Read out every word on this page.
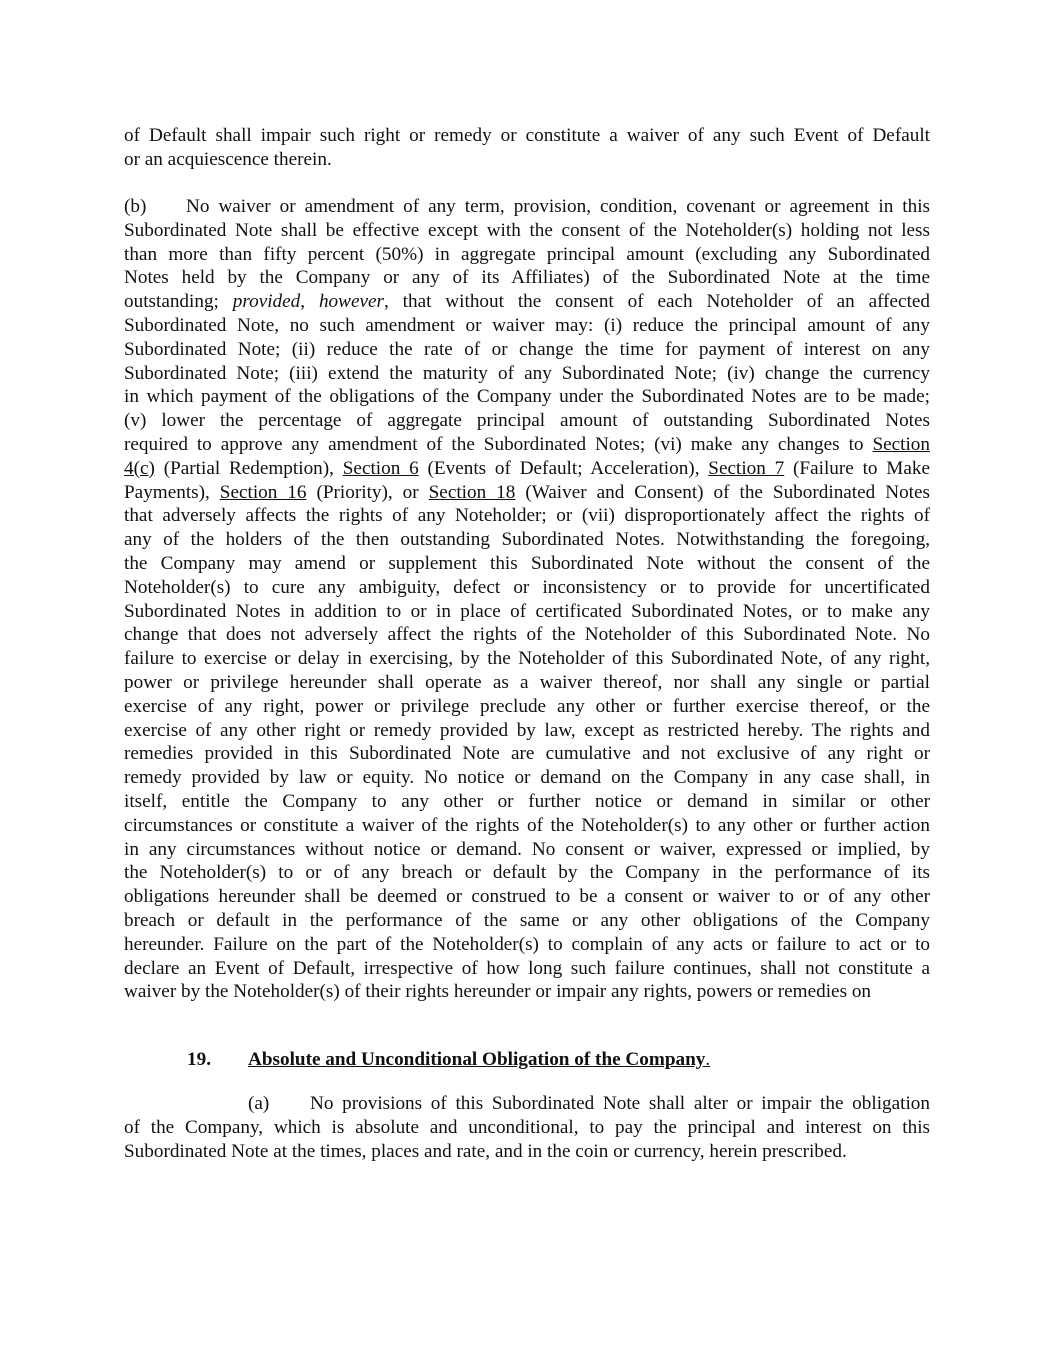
of Default shall impair such right or remedy or constitute a waiver of any such Event of Default
or an acquiescence therein.
(b) No waiver or amendment of any term, provision, condition, covenant or agreement in this
Subordinated Note shall be effective except with the consent of the Noteholder(s) holding not less
than more than fifty percent (50%) in aggregate principal amount (excluding any Subordinated
Notes held by the Company or any of its Affiliates) of the Subordinated Note at the time
outstanding; provided, however, that without the consent of each Noteholder of an affected
Subordinated Note, no such amendment or waiver may: (i) reduce the principal amount of any
Subordinated Note; (ii) reduce the rate of or change the time for payment of interest on any
Subordinated Note; (iii) extend the maturity of any Subordinated Note; (iv) change the currency
in which payment of the obligations of the Company under the Subordinated Notes are to be made;
(v) lower the percentage of aggregate principal amount of outstanding Subordinated Notes
required to approve any amendment of the Subordinated Notes; (vi) make any changes to Section
4(c) (Partial Redemption), Section 6 (Events of Default; Acceleration), Section 7 (Failure to Make
Payments), Section 16 (Priority), or Section 18 (Waiver and Consent) of the Subordinated Notes
that adversely affects the rights of any Noteholder; or (vii) disproportionately affect the rights of
any of the holders of the then outstanding Subordinated Notes. Notwithstanding the foregoing,
the Company may amend or supplement this Subordinated Note without the consent of the
Noteholder(s) to cure any ambiguity, defect or inconsistency or to provide for uncertificated
Subordinated Notes in addition to or in place of certificated Subordinated Notes, or to make any
change that does not adversely affect the rights of the Noteholder of this Subordinated Note. No
failure to exercise or delay in exercising, by the Noteholder of this Subordinated Note, of any right,
power or privilege hereunder shall operate as a waiver thereof, nor shall any single or partial
exercise of any right, power or privilege preclude any other or further exercise thereof, or the
exercise of any other right or remedy provided by law, except as restricted hereby. The rights and
remedies provided in this Subordinated Note are cumulative and not exclusive of any right or
remedy provided by law or equity. No notice or demand on the Company in any case shall, in
itself, entitle the Company to any other or further notice or demand in similar or other
circumstances or constitute a waiver of the rights of the Noteholder(s) to any other or further action
in any circumstances without notice or demand. No consent or waiver, expressed or implied, by
the Noteholder(s) to or of any breach or default by the Company in the performance of its
obligations hereunder shall be deemed or construed to be a consent or waiver to or of any other
breach or default in the performance of the same or any other obligations of the Company
hereunder. Failure on the part of the Noteholder(s) to complain of any acts or failure to act or to
declare an Event of Default, irrespective of how long such failure continues, shall not constitute a
waiver by the Noteholder(s) of their rights hereunder or impair any rights, powers or remedies on
19. Absolute and Unconditional Obligation of the Company.
(a) No provisions of this Subordinated Note shall alter or impair the obligation
of the Company, which is absolute and unconditional, to pay the principal and interest on this
Subordinated Note at the times, places and rate, and in the coin or currency, herein prescribed.
